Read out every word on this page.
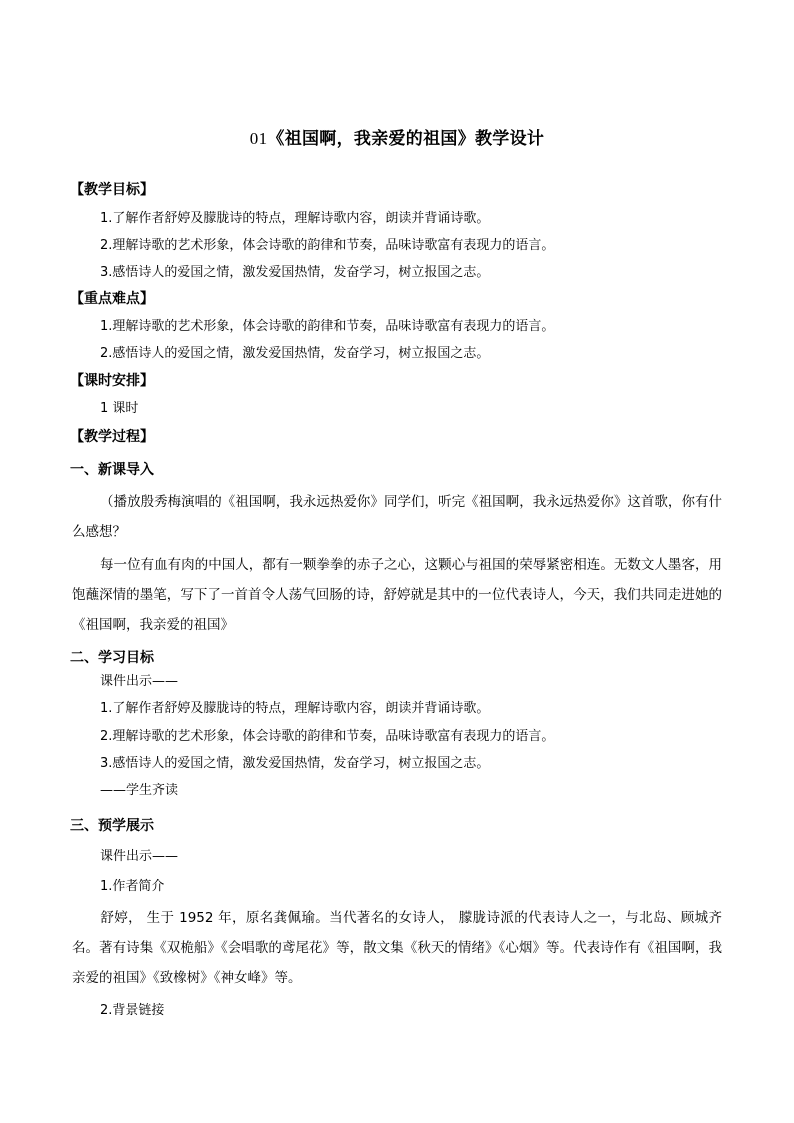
01《祖国啊，我亲爱的祖国》教学设计
【教学目标】
1.了解作者舒婷及朦胧诗的特点，理解诗歌内容，朗读并背诵诗歌。
2.理解诗歌的艺术形象，体会诗歌的韵律和节奏，品味诗歌富有表现力的语言。
3.感悟诗人的爱国之情，激发爱国热情，发奋学习，树立报国之志。
【重点难点】
1.理解诗歌的艺术形象，体会诗歌的韵律和节奏，品味诗歌富有表现力的语言。
2.感悟诗人的爱国之情，激发爱国热情，发奋学习，树立报国之志。
【课时安排】
1 课时
【教学过程】
一、新课导入
（播放殷秀梅演唱的《祖国啊，我永远热爱你》同学们，听完《祖国啊，我永远热爱你》这首歌，你有什么感想？
每一位有血有肉的中国人，都有一颗拳拳的赤子之心，这颗心与祖国的荣辱紧密相连。无数文人墨客，用饱蘸深情的墨笔，写下了一首首令人荡气回肠的诗，舒婷就是其中的一位代表诗人，今天，我们共同走进她的《祖国啊，我亲爱的祖国》
二、学习目标
课件出示——
1.了解作者舒婷及朦胧诗的特点，理解诗歌内容，朗读并背诵诗歌。
2.理解诗歌的艺术形象，体会诗歌的韵律和节奏，品味诗歌富有表现力的语言。
3.感悟诗人的爱国之情，激发爱国热情，发奋学习，树立报国之志。
——学生齐读
三、预学展示
课件出示——
1.作者简介
舒婷， 生于 1952 年，原名龚佩瑜。当代著名的女诗人， 朦胧诗派的代表诗人之一，与北岛、顾城齐名。著有诗集《双桅船》《会唱歌的鸢尾花》等，散文集《秋天的情绪》《心烟》等。代表诗作有《祖国啊，我亲爱的祖国》《致橡树》《神女峰》等。
2.背景链接
